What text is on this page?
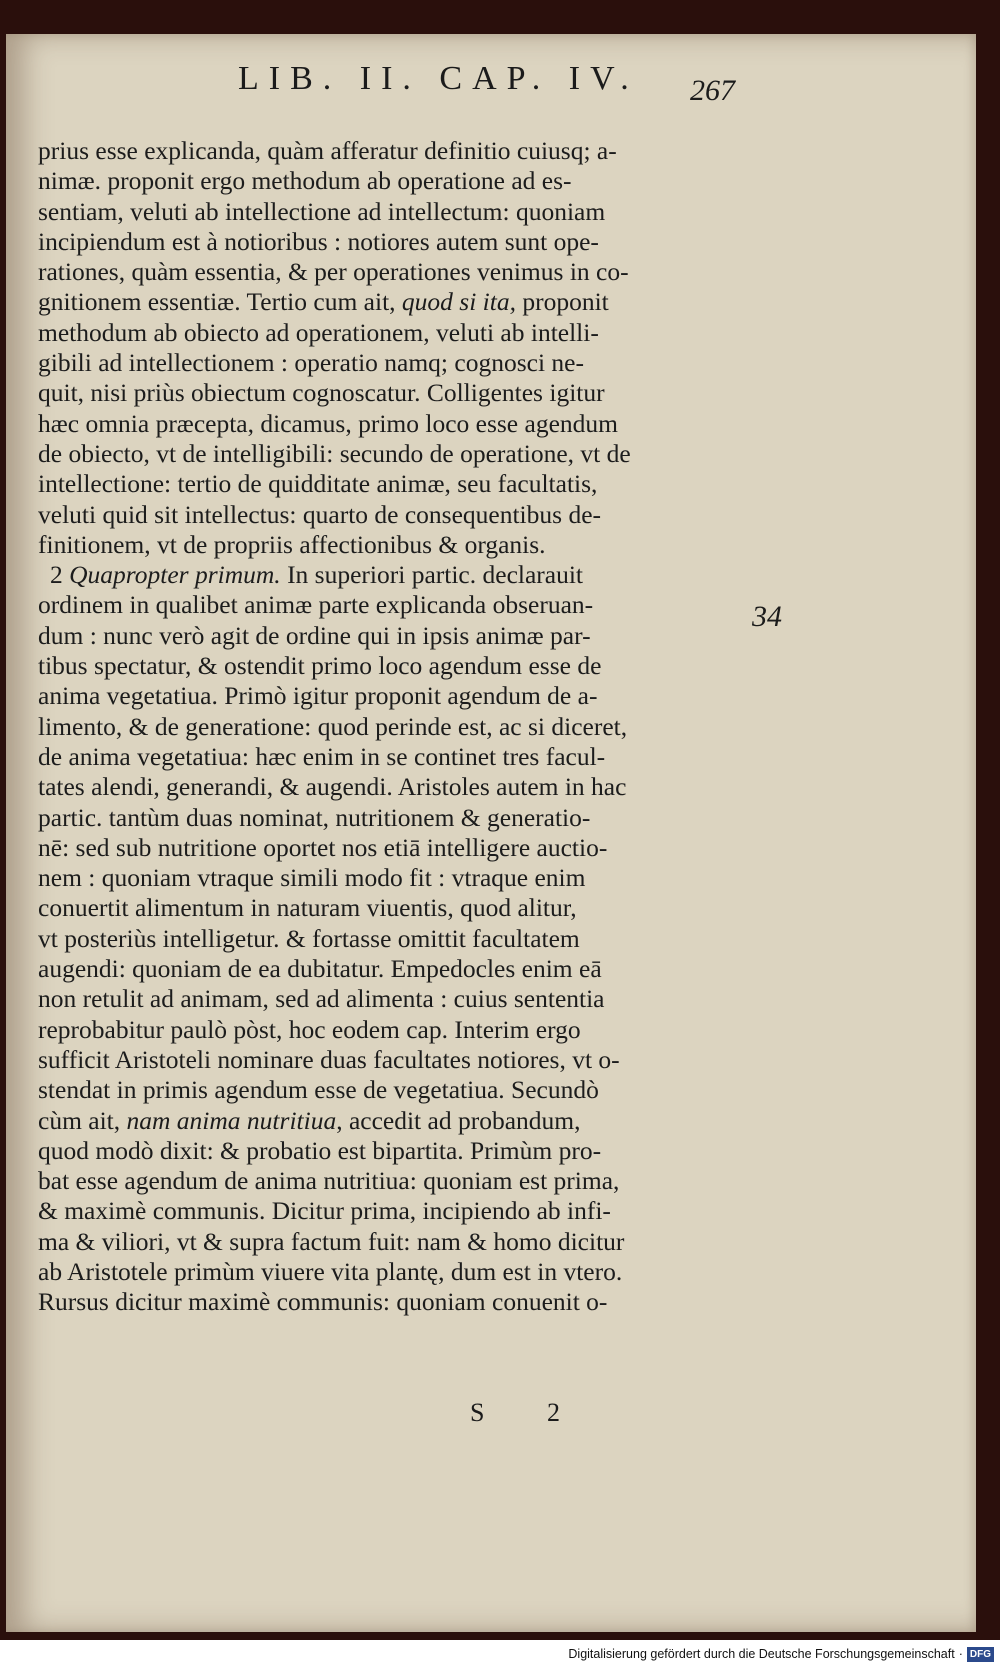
LIB. II. CAP. IV.	267
prius esse explicanda, quàm afferatur definitio cuiusq; a-
nimæ. proponit ergo methodum ab operatione ad es-
sentiam, veluti ab intellectione ad intellectum: quoniam
incipiendum est à notioribus : notiores autem sunt ope-
rationes, quàm essentia, & per operationes venimus in co-
gnitionem essentiæ. Tertio cum ait, quod si ita, proponit
methodum ab obiecto ad operationem, veluti ab intelli-
gibili ad intellectionem : operatio namq; cognosci ne-
quit, nisi priùs obiectum cognoscatur. Colligentes igitur
hæc omnia præcepta, dicamus, primo loco esse agendum
de obiecto, vt de intelligibili: secundo de operatione, vt de
intellectione: tertio de quidditate animæ, seu facultatis,
veluti quid sit intellectus: quarto de consequentibus de-
finitionem, vt de propriis affectionibus & organis.
2 Quapropter primum. In superiori partic. declarauit
ordinem in qualibet animæ parte explicanda obseruan-
dum : nunc verò agit de ordine qui in ipsis animæ par-
tibus spectatur, & ostendit primo loco agendum esse de
anima vegetatiua. Primò igitur proponit agendum de a-
limento, & de generatione: quod perinde est, ac si diceret,
de anima vegetatiua: hæc enim in se continet tres facul-
tates alendi, generandi, & augendi. Aristoles autem in hac
partic. tantùm duas nominat, nutritionem & generatio-
nē: sed sub nutritione oportet nos etiā intelligere auctio-
nem : quoniam vtraque simili modo fit : vtraque enim
conuertit alimentum in naturam viuentis, quod alitur,
vt posteriùs intelligetur. & fortasse omittit facultatem
augendi: quoniam de ea dubitatur. Empedocles enim eā
non retulit ad animam, sed ad alimenta : cuius sententia
reprobabitur paulò pòst, hoc eodem cap. Interim ergo
sufficit Aristoteli nominare duas facultates notiores, vt o-
stendat in primis agendum esse de vegetatiua. Secundò
cùm ait, nam anima nutritiua, accedit ad probandum,
quod modò dixit: & probatio est bipartita. Primùm pro-
bat esse agendum de anima nutritiua: quoniam est prima,
& maximè communis. Dicitur prima, incipiendo ab infi-
ma & viliori, vt & supra factum fuit: nam & homo dicitur
ab Aristotele primùm viuere vita plantę, dum est in vtero.
Rursus dicitur maximè communis: quoniam conuenit o-
34
S 2
Digitalisierung gefördert durch die Deutsche Forschungsgemeinschaft · DFG
